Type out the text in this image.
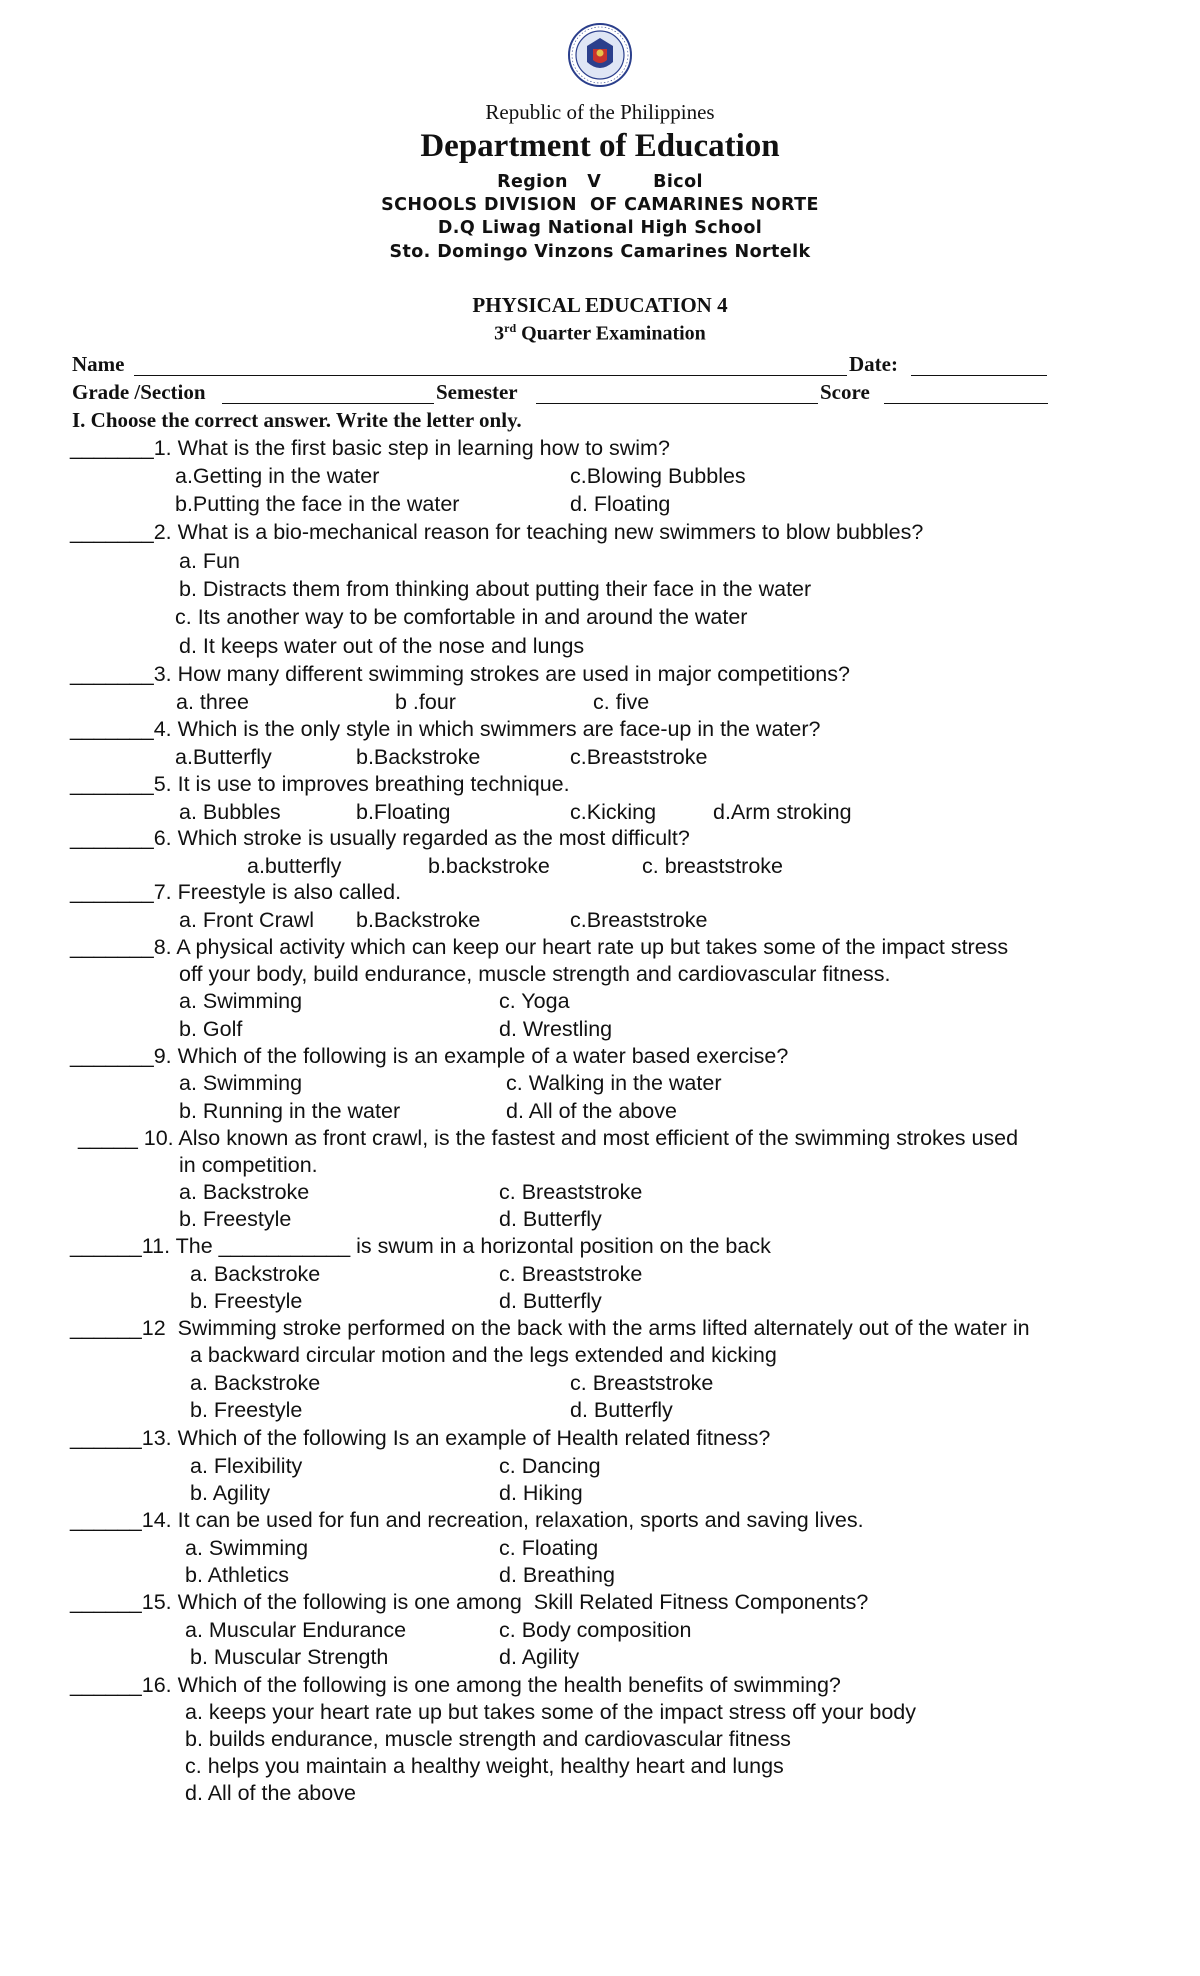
Republic of the Philippines
Department of Education
Region   V        Bicol
SCHOOLS DIVISION  OF CAMARINES NORTE
D.Q Liwag National High School
Sto. Domingo Vinzons Camarines Nortelk
PHYSICAL EDUCATION 4
3rd Quarter Examination
Name	Date:
Grade /Section	Semester	Score
I. Choose the correct answer. Write the letter only.
_______1. What is the first basic step in learning how to swim?
a.Getting in the water	c.Blowing Bubbles
b.Putting the face in the water	d. Floating
_______2. What is a bio-mechanical reason for teaching new swimmers to blow bubbles?
a. Fun
b. Distracts them from thinking about putting their face in the water
c. Its another way to be comfortable in and around the water
d. It keeps water out of the nose and lungs
_______3. How many different swimming strokes are used in major competitions?
a. three	b .four	c. five
_______4. Which is the only style in which swimmers are face-up in the water?
a.Butterfly	b.Backstroke	c.Breaststroke
_______5. It is use to improves breathing technique.
a. Bubbles	b.Floating	c.Kicking	d.Arm stroking
_______6. Which stroke is usually regarded as the most difficult?
a.butterfly	b.backstroke	c. breaststroke
_______7. Freestyle is also called.
a. Front Crawl b.Backstroke	c.Breaststroke
_______8. A physical activity which can keep our heart rate up but takes some of the impact stress
off your body, build endurance, muscle strength and cardiovascular fitness.
a. Swimming	c. Yoga
b. Golf	d. Wrestling
_______9. Which of the following is an example of a water based exercise?
a. Swimming	c. Walking in the water
b. Running in the water	d. All of the above
_____ 10. Also known as front crawl, is the fastest and most efficient of the swimming strokes used
in competition.
a. Backstroke	c. Breaststroke
b. Freestyle	d. Butterfly
______11. The ___________ is swum in a horizontal position on the back
a. Backstroke	c. Breaststroke
b. Freestyle	d. Butterfly
______12  Swimming stroke performed on the back with the arms lifted alternately out of the water in
a backward circular motion and the legs extended and kicking
a. Backstroke	c. Breaststroke
b. Freestyle	d. Butterfly
______13. Which of the following Is an example of Health related fitness?
a. Flexibility	c. Dancing
b. Agility	d. Hiking
______14. It can be used for fun and recreation, relaxation, sports and saving lives.
a. Swimming	c. Floating
b. Athletics	d. Breathing
______15. Which of the following is one among  Skill Related Fitness Components?
a. Muscular Endurance	c. Body composition
b. Muscular Strength	d. Agility
______16. Which of the following is one among the health benefits of swimming?
a. keeps your heart rate up but takes some of the impact stress off your body
b. builds endurance, muscle strength and cardiovascular fitness
c. helps you maintain a healthy weight, healthy heart and lungs
d. All of the above
